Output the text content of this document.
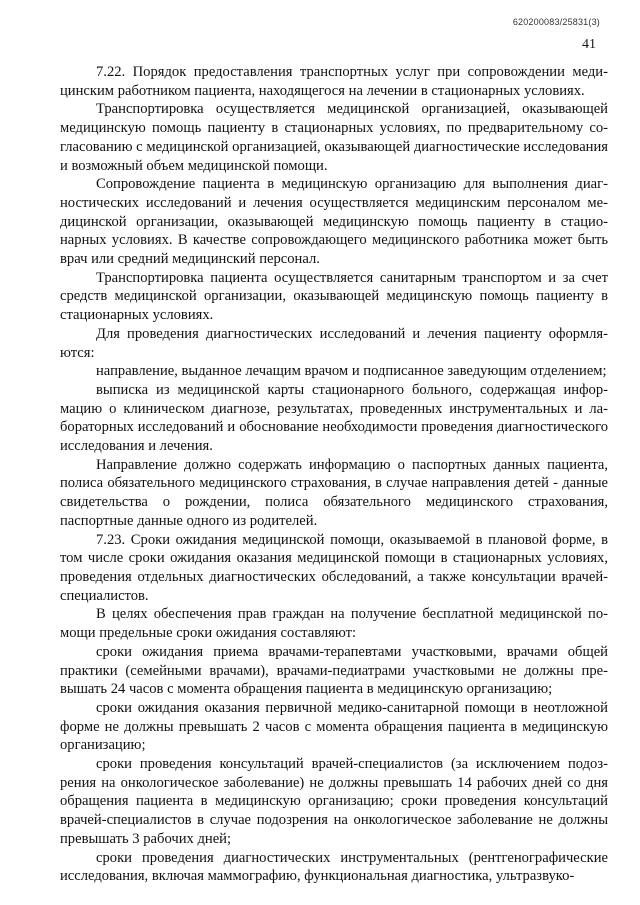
620200083/25831(3)
41

7.22. Порядок предоставления транспортных услуг при сопровождении медицинским работником пациента, находящегося на лечении в стационарных условиях.

Транспортировка осуществляется медицинской организацией, оказывающей медицинскую помощь пациенту в стационарных условиях, по предварительному согласованию с медицинской организацией, оказывающей диагностические исследования и возможный объем медицинской помощи.

Сопровождение пациента в медицинскую организацию для выполнения диагностических исследований и лечения осуществляется медицинским персоналом медицинской организации, оказывающей медицинскую помощь пациенту в стационарных условиях. В качестве сопровождающего медицинского работника может быть врач или средний медицинский персонал.

Транспортировка пациента осуществляется санитарным транспортом и за счет средств медицинской организации, оказывающей медицинскую помощь пациенту в стационарных условиях.

Для проведения диагностических исследований и лечения пациенту оформляются:

направление, выданное лечащим врачом и подписанное заведующим отделением;

выписка из медицинской карты стационарного больного, содержащая информацию о клиническом диагнозе, результатах, проведенных инструментальных и лабораторных исследований и обоснование необходимости проведения диагностического исследования и лечения.

Направление должно содержать информацию о паспортных данных пациента, полиса обязательного медицинского страхования, в случае направления детей - данные свидетельства о рождении, полиса обязательного медицинского страхования, паспортные данные одного из родителей.

7.23. Сроки ожидания медицинской помощи, оказываемой в плановой форме, в том числе сроки ожидания оказания медицинской помощи в стационарных условиях, проведения отдельных диагностических обследований, а также консультации врачей-специалистов.

В целях обеспечения прав граждан на получение бесплатной медицинской помощи предельные сроки ожидания составляют:

сроки ожидания приема врачами-терапевтами участковыми, врачами общей практики (семейными врачами), врачами-педиатрами участковыми не должны превышать 24 часов с момента обращения пациента в медицинскую организацию;

сроки ожидания оказания первичной медико-санитарной помощи в неотложной форме не должны превышать 2 часов с момента обращения пациента в медицинскую организацию;

сроки проведения консультаций врачей-специалистов (за исключением подозрения на онкологическое заболевание) не должны превышать 14 рабочих дней со дня обращения пациента в медицинскую организацию; сроки проведения консультаций врачей-специалистов в случае подозрения на онкологическое заболевание не должны превышать 3 рабочих дней;

сроки проведения диагностических инструментальных (рентгенографические исследования, включая маммографию, функциональная диагностика, ультразвуко-
